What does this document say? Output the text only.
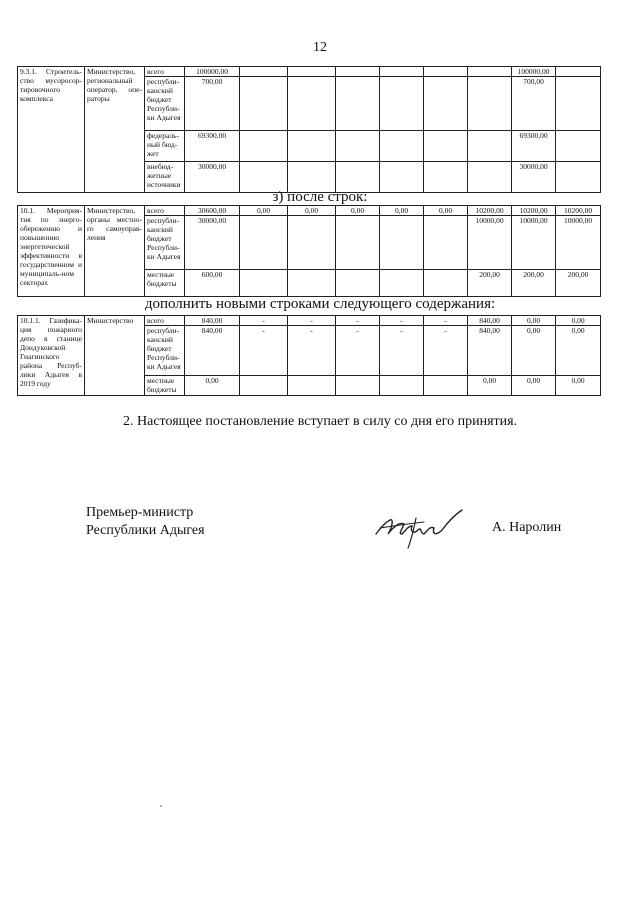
12
9.3.1. Строитель-ство мусоросор-тировочного комплекса	Министерство, региональный оператор, опе-раторы	всего	100000,00							100000,00	
		республи-канский бюджет Республи-ки Адыгея	700,00							700,00	
		федераль-ный бюд-жет	69300,00							69300,00	
		внебюд-жетные источники	30000,00							30000,00	
з) после строк:
10.1. Мероприя-тия по энерго-обережению и повышению энергетической эффективности в государственном и муниципаль-ном секторах	Министерство, органы местно-го самоуправ-ления	всего	30600,00	0,00	0,00	0,00	0,00	0,00	10200,00	10200,00	10200,00
		республи-канский бюджет Республи-ки Адыгея	30000,00						10000,00	10000,00	10000,00
		местные бюджеты	600,00						200,00	200,00	200,00
дополнить новыми строками следующего содержания:
10.1.1. Газифика-ция пожарного депо в станице Дондуковской Гиагинского района Респуб-лики Адыгея в 2019 году	Министерство	всего	840,00	-	-	-	-	-	840,00	0,00	0,00
		республи-канский бюджет Республи-ки Адыгея	840,00	-	-	-	-	-	840,00	0,00	0,00
		местные бюджеты	0,00						0,00	0,00	0,00
2. Настоящее постановление вступает в силу со дня его принятия.
Премьер-министр
Республики Адыгея	А. Наролин
